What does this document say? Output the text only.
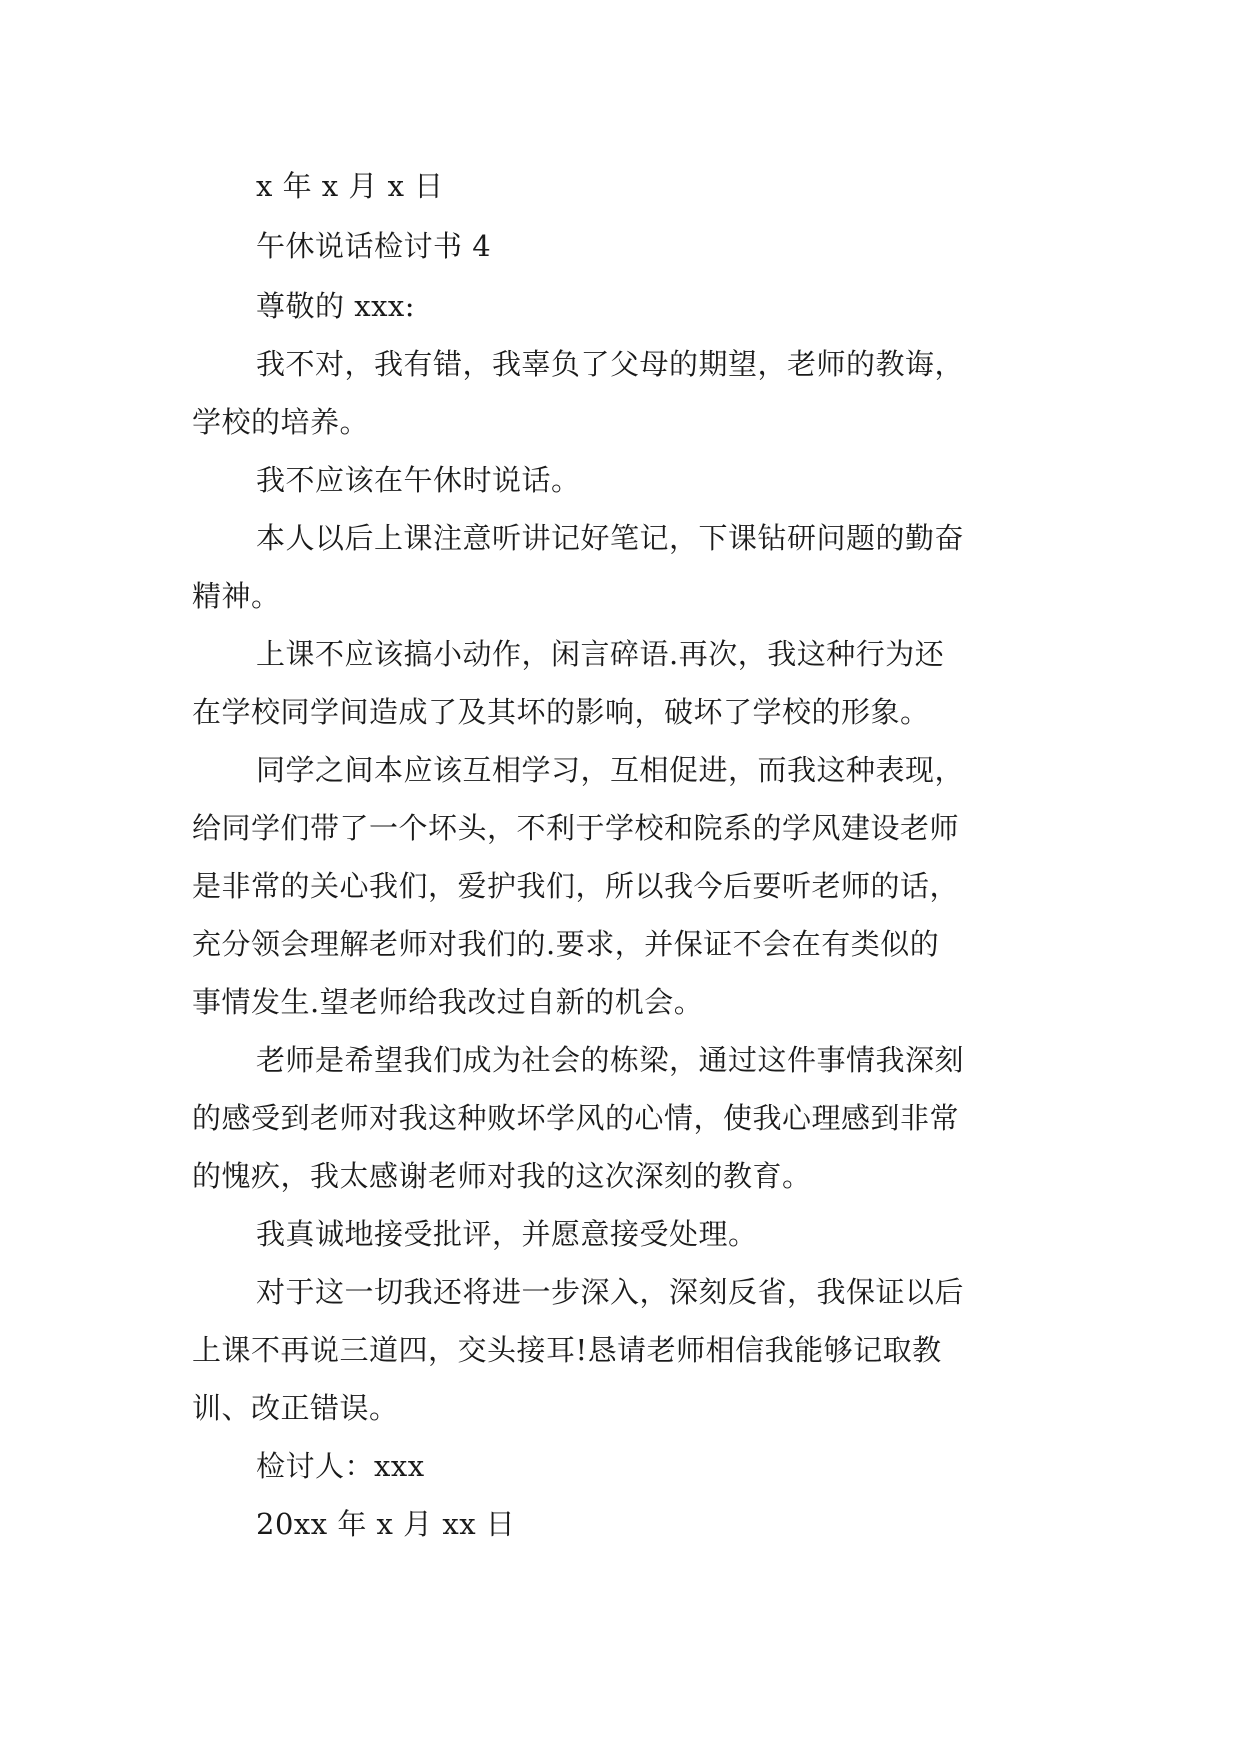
x 年 x 月 x 日
午休说话检讨书 4
尊敬的 xxx:
我不对，我有错，我辜负了父母的期望，老师的教诲，
学校的培养。
我不应该在午休时说话。
本人以后上课注意听讲记好笔记，下课钻研问题的勤奋
精神。
上课不应该搞小动作，闲言碎语.再次，我这种行为还
在学校同学间造成了及其坏的影响，破坏了学校的形象。
同学之间本应该互相学习，互相促进，而我这种表现，
给同学们带了一个坏头，不利于学校和院系的学风建设老师
是非常的关心我们，爱护我们，所以我今后要听老师的话，
充分领会理解老师对我们的.要求，并保证不会在有类似的
事情发生.望老师给我改过自新的机会。
老师是希望我们成为社会的栋梁，通过这件事情我深刻
的感受到老师对我这种败坏学风的心情，使我心理感到非常
的愧疚，我太感谢老师对我的这次深刻的教育。
我真诚地接受批评，并愿意接受处理。
对于这一切我还将进一步深入，深刻反省，我保证以后
上课不再说三道四，交头接耳!恳请老师相信我能够记取教
训、改正错误。
检讨人：xxx
20xx 年 x 月 xx 日
